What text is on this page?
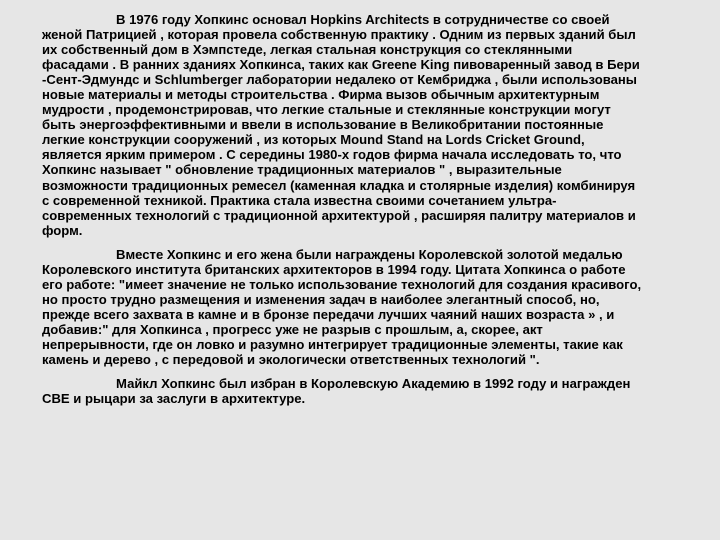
В 1976 году Хопкинс основал Hopkins Architects в сотрудничестве со своей женой Патрицией , которая провела собственную практику . Одним из первых зданий был их собственный дом в Хэмпстеде, легкая стальная конструкция со стеклянными фасадами . В ранних зданиях Хопкинса, таких как Greene King пивоваренный завод в Бери -Сент-Эдмундс и Schlumberger лаборатории недалеко от Кембриджа , были использованы новые материалы и методы строительства . Фирма вызов обычным архитектурным мудрости , продемонстрировав, что легкие стальные и стеклянные конструкции могут быть энергоэффективными и ввели в использование в Великобритании постоянные легкие конструкции сооружений , из которых Mound Stand на Lords Cricket Ground, является ярким примером . С середины 1980-х годов фирма начала исследовать то, что Хопкинс называет " обновление традиционных материалов " , выразительные возможности традиционных ремесел (каменная кладка и столярные изделия) комбинируя с современной техникой. Практика стала известна своими сочетанием ультра- современных технологий с традиционной архитектурой , расширяя палитру материалов и форм.

Вместе Хопкинс и его жена были награждены Королевской золотой медалью Королевского института британских архитекторов в 1994 году. Цитата Хопкинса о работе его работе: "имеет значение не только использование технологий для создания красивого, но просто трудно размещения и изменения задач в наиболее элегантный способ, но, прежде всего захвата в камне и в бронзе передачи лучших чаяний наших возраста » , и добавив:" для Хопкинса , прогресс уже не разрыв с прошлым, а, скорее, акт непрерывности, где он ловко и разумно интегрирует традиционные элементы, такие как камень и дерево , с передовой и экологически ответственных технологий ".

Майкл Хопкинс был избран в Королевскую Академию в 1992 году и награжден CBE и рыцари за заслуги в архитектуре.
